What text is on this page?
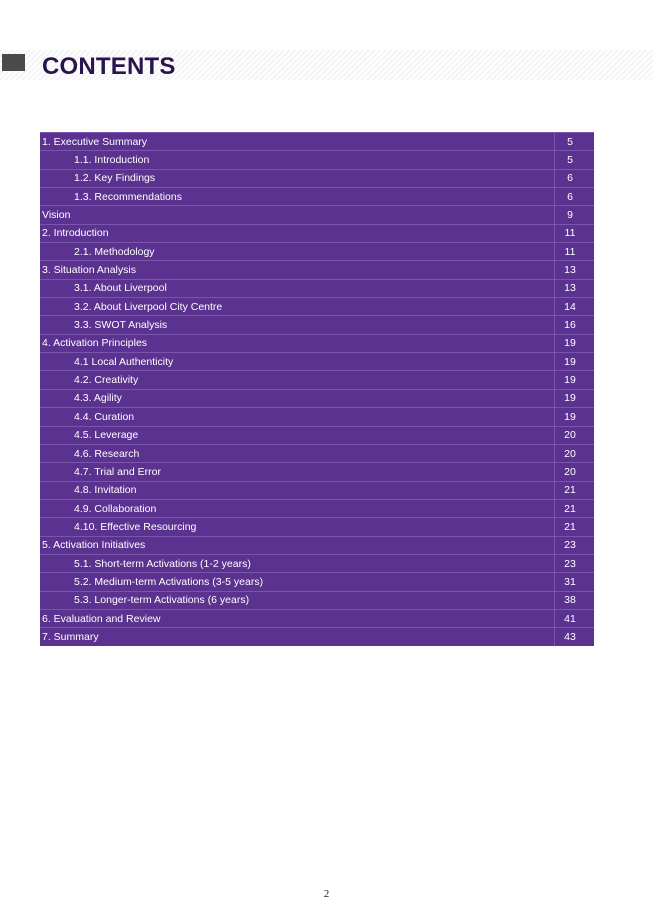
CONTENTS
1. Executive Summary	5
1.1. Introduction	5
1.2. Key Findings	6
1.3. Recommendations	6
Vision	9
2. Introduction	11
2.1. Methodology	11
3. Situation Analysis	13
3.1. About Liverpool	13
3.2. About Liverpool City Centre	14
3.3. SWOT Analysis	16
4. Activation Principles	19
4.1 Local Authenticity	19
4.2. Creativity	19
4.3. Agility	19
4.4. Curation	19
4.5. Leverage	20
4.6. Research	20
4.7. Trial and Error	20
4.8. Invitation	21
4.9. Collaboration	21
4.10. Effective Resourcing	21
5. Activation Initiatives	23
5.1. Short-term Activations (1-2 years)	23
5.2. Medium-term Activations (3-5 years)	31
5.3. Longer-term Activations (6 years)	38
6. Evaluation and Review	41
7. Summary	43
2
